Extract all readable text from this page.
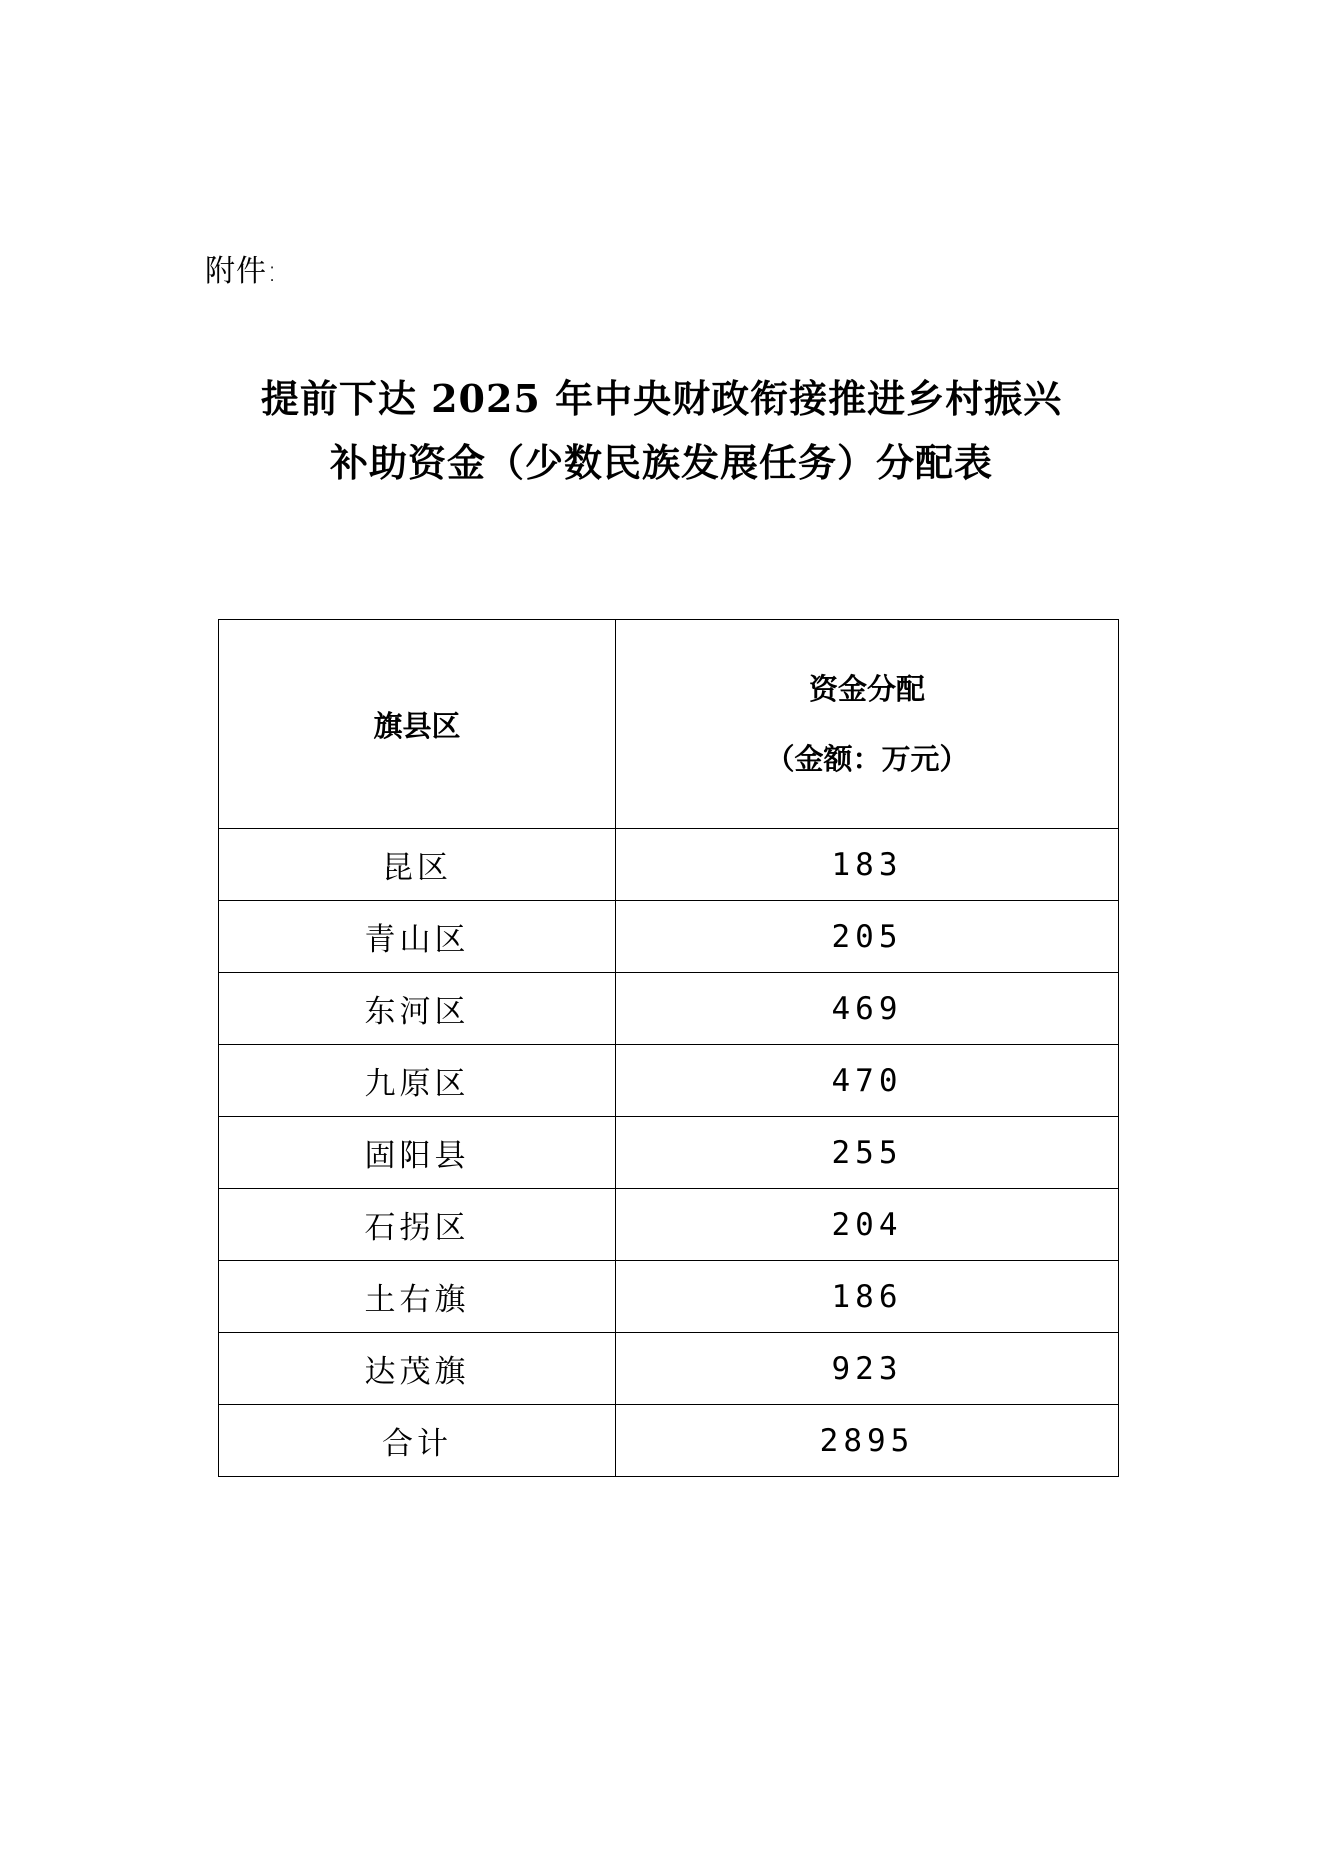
附件:
提前下达 2025 年中央财政衔接推进乡村振兴
补助资金（少数民族发展任务）分配表
旗县区	资金分配
（金额：万元）

昆区	183
青山区	205
东河区	469
九原区	470
固阳县	255
石拐区	204
土右旗	186
达茂旗	923
合计	2895
